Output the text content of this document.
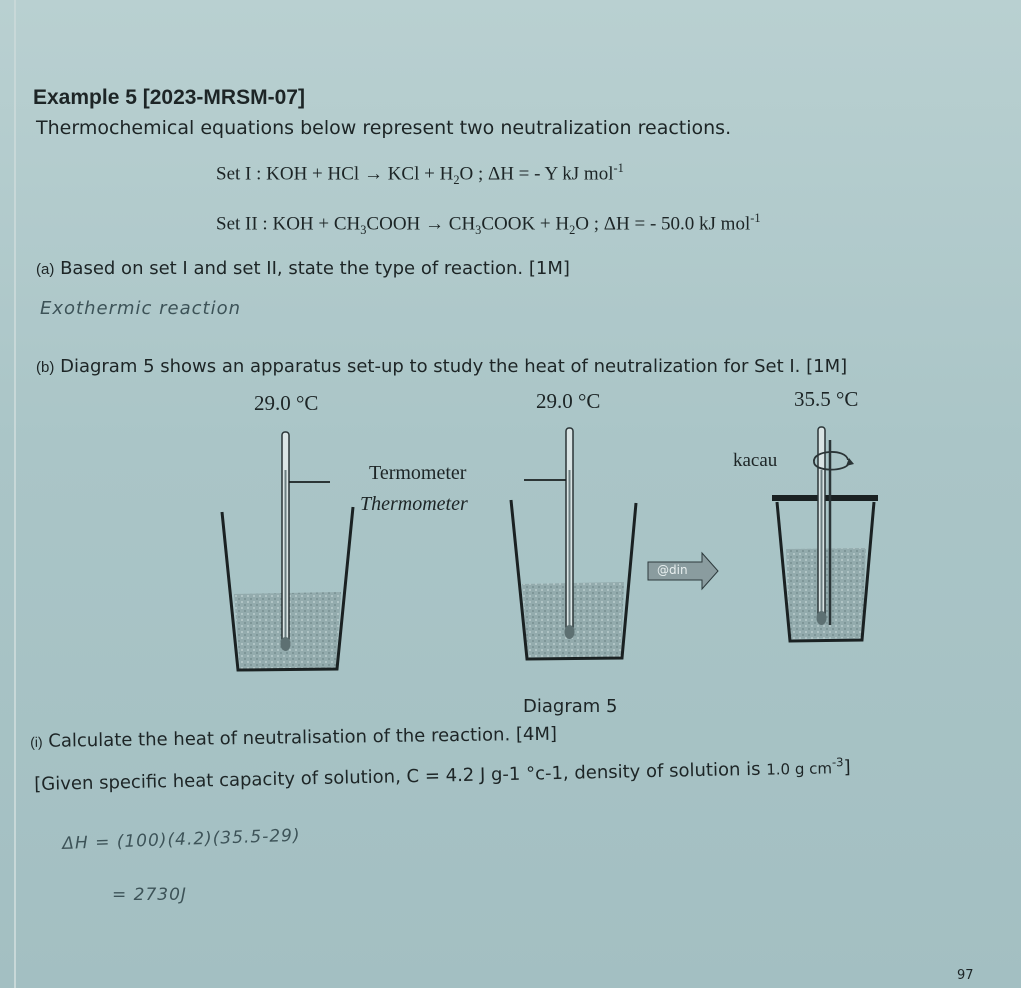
Example 5 [2023-MRSM-07]
Thermochemical equations below represent two neutralization reactions.
Set I : KOH + HCl → KCl + $H_2O$ ; ΔH = - Y kJ mol$^{-1}$
Set II : KOH + $CH_3COOH$ → $CH_3COOK + H_2O$ ; ΔH = - 50.0 kJ mol$^{-1}$
(a) Based on set I and set II, state the type of reaction. [1M]
Exothermic reaction
(b) Diagram 5 shows an apparatus set-up to study the heat of neutralization for Set I. [1M]
29.0 °C	29.0 °C	35.5 °C
Termometer
Thermometer
kacau
@din
Diagram 5
(i) Calculate the heat of neutralisation of the reaction. [4M]
[Given specific heat capacity of solution, C = 4.2 J g-1 °c-1, density of solution is 1.0 g $cm^{-3}$]
ΔH = (100)(4.2)(35.5-29)
= 2730J
97
